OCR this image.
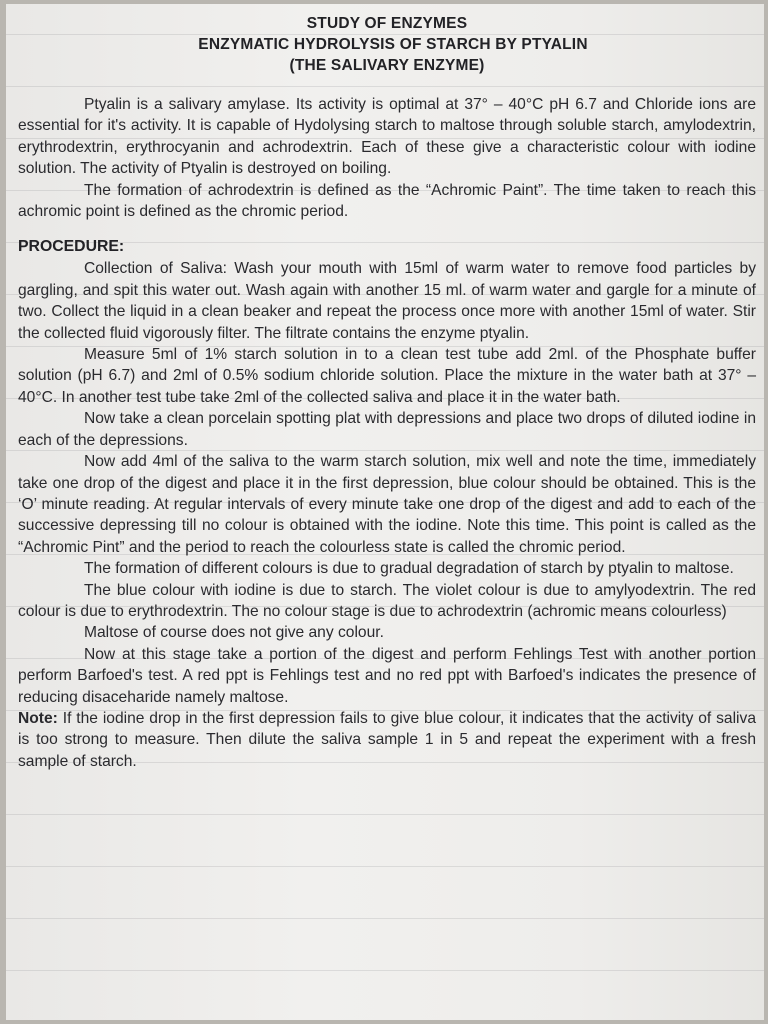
STUDY OF ENZYMES
ENZYMATIC HYDROLYSIS OF STARCH BY PTYALIN
(THE SALIVARY ENZYME)

Ptyalin is a salivary amylase. Its activity is optimal at 37° – 40°C pH 6.7 and Chloride ions are essential for it's activity. It is capable of Hydolysing starch to maltose through soluble starch, amylodextrin, erythrodextrin, erythrocyanin and achrodextrin. Each of these give a characteristic colour with iodine solution. The activity of Ptyalin is destroyed on boiling.

The formation of achrodextrin is defined as the “Achromic Paint”. The time taken to reach this achromic point is defined as the chromic period.

PROCEDURE:

Collection of Saliva: Wash your mouth with 15ml of warm water to remove food particles by gargling, and spit this water out. Wash again with another 15 ml. of warm water and gargle for a minute of two. Collect the liquid in a clean beaker and repeat the process once more with another 15ml of water. Stir the collected fluid vigorously filter. The filtrate contains the enzyme ptyalin.

Measure 5ml of 1% starch solution in to a clean test tube add 2ml. of the Phosphate buffer solution (pH 6.7) and 2ml of 0.5% sodium chloride solution. Place the mixture in the water bath at 37° – 40°C. In another test tube take 2ml of the collected saliva and place it in the water bath.

Now take a clean porcelain spotting plat with depressions and place two drops of diluted iodine in each of the depressions.

Now add 4ml of the saliva to the warm starch solution, mix well and note the time, immediately take one drop of the digest and place it in the first depression, blue colour should be obtained. This is the ‘O’ minute reading. At regular intervals of every minute take one drop of the digest and add to each of the successive depressing till no colour is obtained with the iodine. Note this time. This point is called as the “Achromic Pint” and the period to reach the colourless state is called the chromic period.

The formation of different colours is due to gradual degradation of starch by ptyalin to maltose.

The blue colour with iodine is due to starch. The violet colour is due to amylyodextrin. The red colour is due to erythrodextrin. The no colour stage is due to achrodextrin (achromic means colourless)

Maltose of course does not give any colour.

Now at this stage take a portion of the digest and perform Fehlings Test with another portion perform Barfoed's test. A red ppt is Fehlings test and no red ppt with Barfoed's indicates the presence of reducing disaceharide namely maltose.

Note: If the iodine drop in the first depression fails to give blue colour, it indicates that the activity of saliva is too strong to measure. Then dilute the saliva sample 1 in 5 and repeat the experiment with a fresh sample of starch.
